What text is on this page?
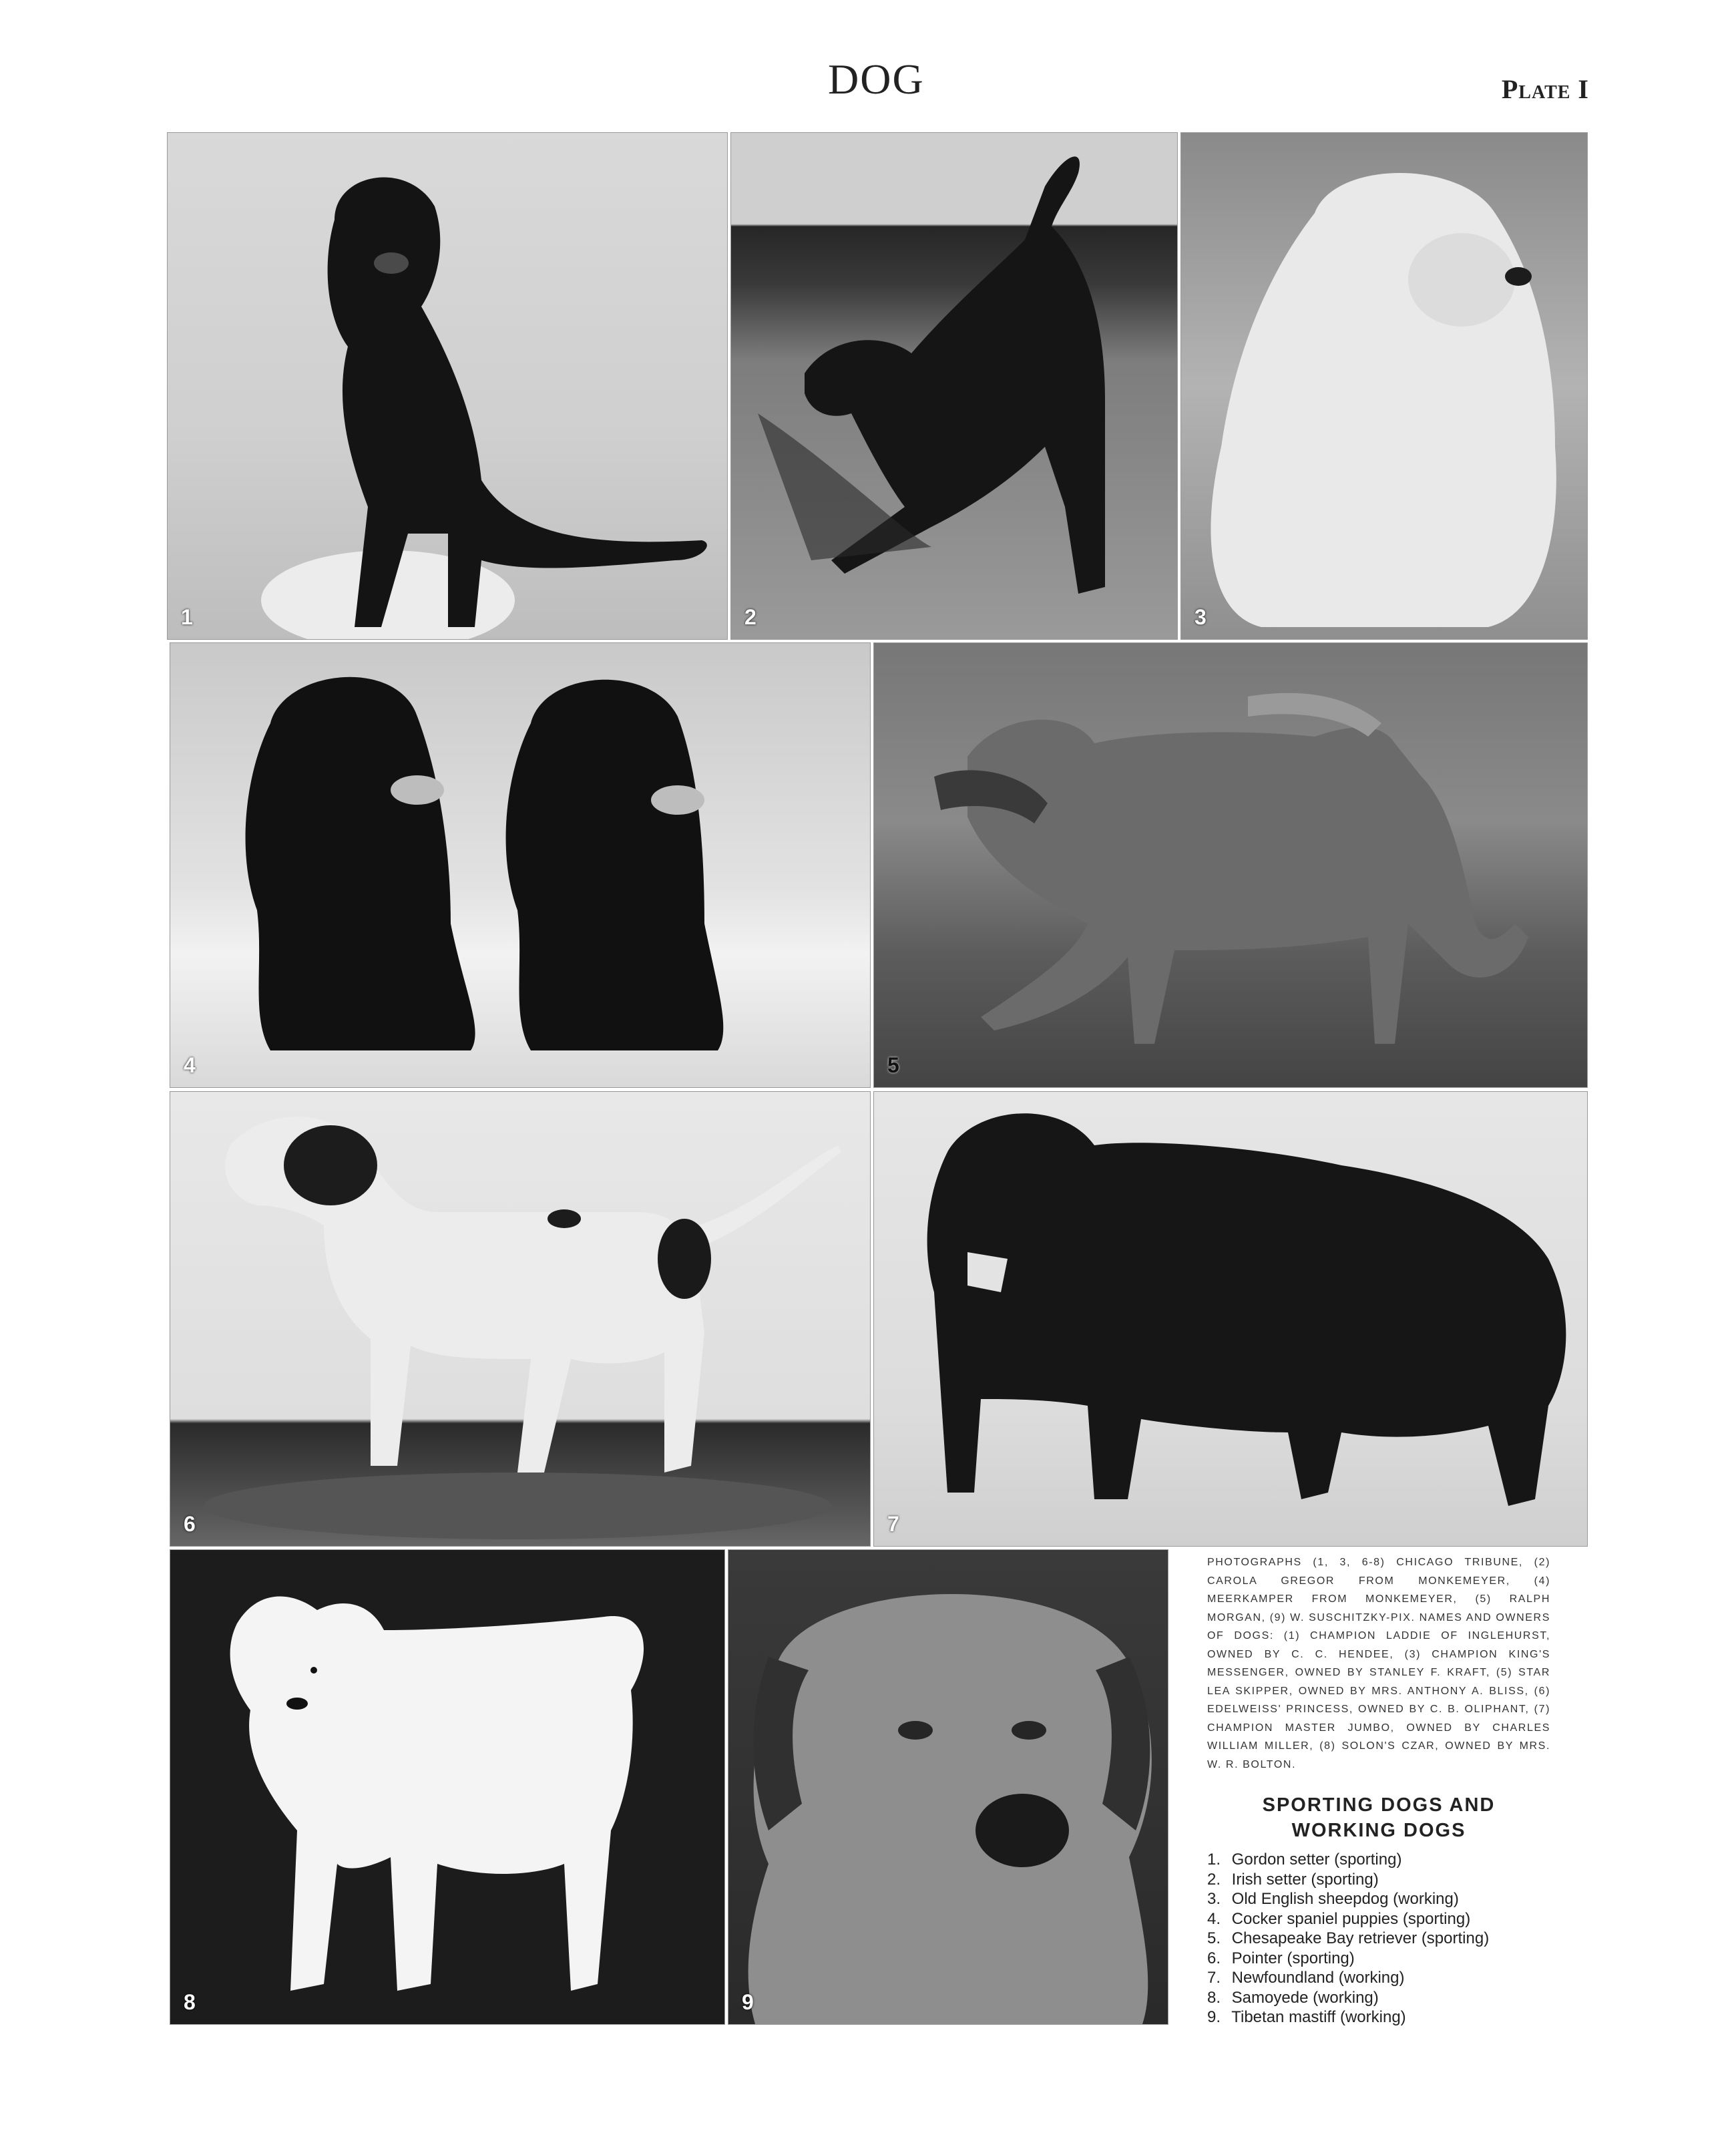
DOG	Plate I
1	2	3
4	5
6	7
8	9
PHOTOGRAPHS (1, 3, 6-8) CHICAGO TRIBUNE, (2) CAROLA GREGOR FROM MONKEMEYER, (4) MEERKAMPER FROM MONKEMEYER, (5) RALPH MORGAN, (9) W. SUSCHITZKY-PIX. NAMES AND OWNERS OF DOGS: (1) CHAMPION LADDIE OF INGLEHURST, OWNED BY C. C. HENDEE, (3) CHAMPION KING'S MESSENGER, OWNED BY STANLEY F. KRAFT, (5) STAR LEA SKIPPER, OWNED BY MRS. ANTHONY A. BLISS, (6) EDELWEISS' PRINCESS, OWNED BY C. B. OLIPHANT, (7) CHAMPION MASTER JUMBO, OWNED BY CHARLES WILLIAM MILLER, (8) SOLON'S CZAR, OWNED BY MRS. W. R. BOLTON.
SPORTING DOGS AND
WORKING DOGS
1. Gordon setter (sporting)
2. Irish setter (sporting)
3. Old English sheepdog (working)
4. Cocker spaniel puppies (sporting)
5. Chesapeake Bay retriever (sporting)
6. Pointer (sporting)
7. Newfoundland (working)
8. Samoyede (working)
9. Tibetan mastiff (working)
